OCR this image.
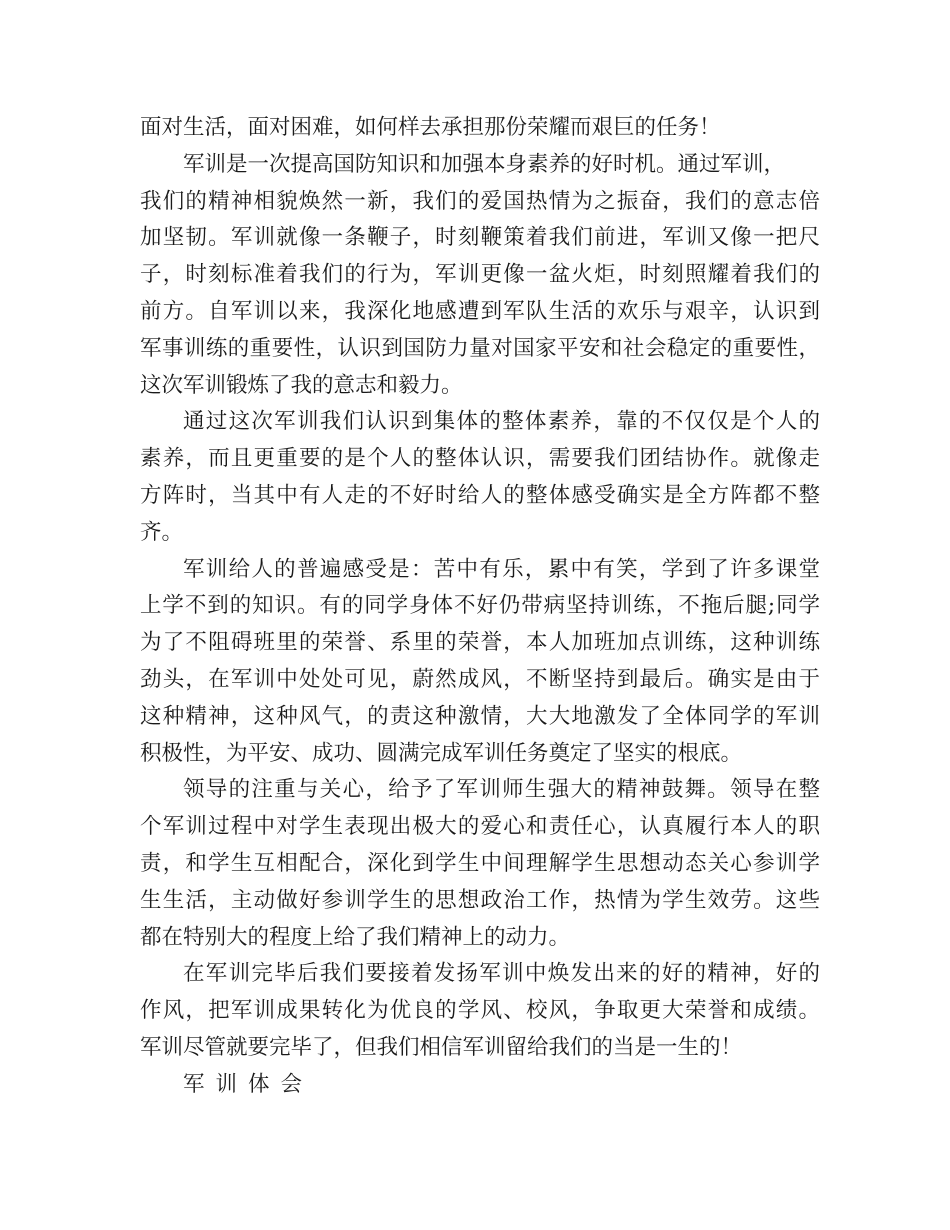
面对生活，面对困难，如何样去承担那份荣耀而艰巨的任务！
军训是一次提高国防知识和加强本身素养的好时机。通过军训，
我们的精神相貌焕然一新，我们的爱国热情为之振奋，我们的意志倍
加坚韧。军训就像一条鞭子，时刻鞭策着我们前进，军训又像一把尺
子，时刻标准着我们的行为，军训更像一盆火炬，时刻照耀着我们的
前方。自军训以来，我深化地感遭到军队生活的欢乐与艰辛，认识到
军事训练的重要性，认识到国防力量对国家平安和社会稳定的重要性，
这次军训锻炼了我的意志和毅力。
通过这次军训我们认识到集体的整体素养，靠的不仅仅是个人的
素养，而且更重要的是个人的整体认识，需要我们团结协作。就像走
方阵时，当其中有人走的不好时给人的整体感受确实是全方阵都不整
齐。
军训给人的普遍感受是：苦中有乐，累中有笑，学到了许多课堂
上学不到的知识。有的同学身体不好仍带病坚持训练，不拖后腿;同学
为了不阻碍班里的荣誉、系里的荣誉，本人加班加点训练，这种训练
劲头，在军训中处处可见，蔚然成风，不断坚持到最后。确实是由于
这种精神，这种风气，的责这种激情，大大地激发了全体同学的军训
积极性，为平安、成功、圆满完成军训任务奠定了坚实的根底。
领导的注重与关心，给予了军训师生强大的精神鼓舞。领导在整
个军训过程中对学生表现出极大的爱心和责任心，认真履行本人的职
责，和学生互相配合，深化到学生中间理解学生思想动态关心参训学
生生活，主动做好参训学生的思想政治工作，热情为学生效劳。这些
都在特别大的程度上给了我们精神上的动力。
在军训完毕后我们要接着发扬军训中焕发出来的好的精神，好的
作风，把军训成果转化为优良的学风、校风，争取更大荣誉和成绩。
军训尽管就要完毕了，但我们相信军训留给我们的当是一生的！
军训体会
